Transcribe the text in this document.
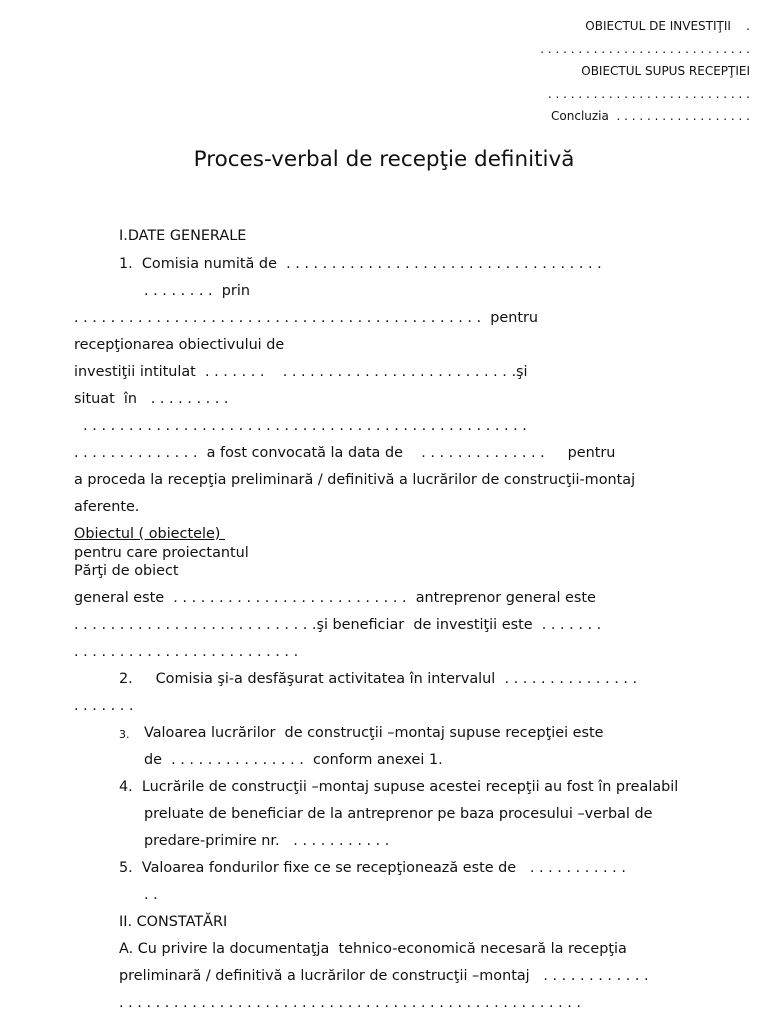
OBIECTUL DE INVESTIŢII    .
. . . . . . . . . . . . . . . . . . . . . . . . . . . .
OBIECTUL SUPUS RECEPŢIEI
. . . . . . . . . . . . . . . . . . . . . . . . . . .
Concluzia  . . . . . . . . . . . . . . . . . .
Proces-verbal de recepţie definitivă
I.DATE GENERALE
1.  Comisia numită de  . . . . . . . . . . . . . . . . . . . . . . . . . . . . . . . . . . .
. . . . . . . .  prin
. . . . . . . . . . . . . . . . . . . . . . . . . . . . . . . . . . . . . . . . . . . . .  pentru
recepţionarea obiectivului de
investiţii intitulat  . . . . . . .    . . . . . . . . . . . . . . . . . . . . . . . . . .şi
situat  în   . . . . . . . . .
. . . . . . . . . . . . . . . . . . . . . . . . . . . . . . . . . . . . . . . . . . . . . . . . .
. . . . . . . . . . . . . .  a fost convocată la data de    . . . . . . . . . . . . . .     pentru
a proceda la recepţia preliminară / definitivă a lucrărilor de construcţii-montaj
aferente.
Obiectul ( obiectele)
pentru care proiectantul
Părţi de obiect
general este  . . . . . . . . . . . . . . . . . . . . . . . . . .  antreprenor general este
. . . . . . . . . . . . . . . . . . . . . . . . . . .şi beneficiar  de investiţii este  . . . . . . .
. . . . . . . . . . . . . . . . . . . . . . . . .
2.     Comisia şi-a desfăşurat activitatea în intervalul  . . . . . . . . . . . . . . .
. . . . . . .
3. Valoarea lucrărilor  de construcţii –montaj supuse recepţiei este
de  . . . . . . . . . . . . . . .  conform anexei 1.
4.  Lucrările de construcţii –montaj supuse acestei recepţii au fost în prealabil
preluate de beneficiar de la antreprenor pe baza procesului –verbal de
predare-primire nr.   . . . . . . . . . . .
5.  Valoarea fondurilor fixe ce se recepţionează este de   . . . . . . . . . . .
. .
II. CONSTATĂRI
A. Cu privire la documentaţja  tehnico-economică necesară la recepţia
preliminară / definitivă a lucrărilor de construcţii –montaj   . . . . . . . . . . . .
. . . . . . . . . . . . . . . . . . . . . . . . . . . . . . . . . . . . . . . . . . . . . . . . . . .
